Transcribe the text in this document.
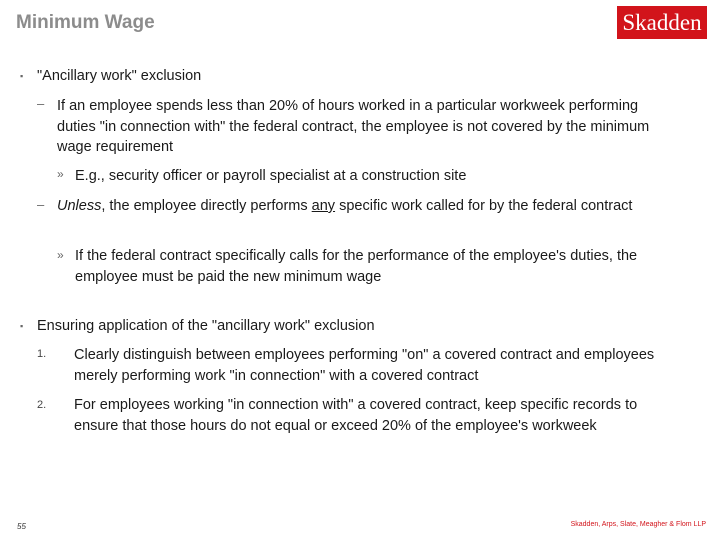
Minimum Wage	Skadden
▪ "Ancillary work" exclusion
– If an employee spends less than 20% of hours worked in a particular workweek performing duties "in connection with" the federal contract, the employee is not covered by the minimum wage requirement
» E.g., security officer or payroll specialist at a construction site
– Unless, the employee directly performs any specific work called for by the federal contract
» If the federal contract specifically calls for the performance of the employee's duties, the employee must be paid the new minimum wage
▪ Ensuring application of the "ancillary work" exclusion
1. Clearly distinguish between employees performing "on" a covered contract and employees merely performing work "in connection" with a covered contract
2. For employees working "in connection with" a covered contract, keep specific records to ensure that those hours do not equal or exceed 20% of the employee's workweek
55	Skadden, Arps, Slate, Meagher & Flom LLP
